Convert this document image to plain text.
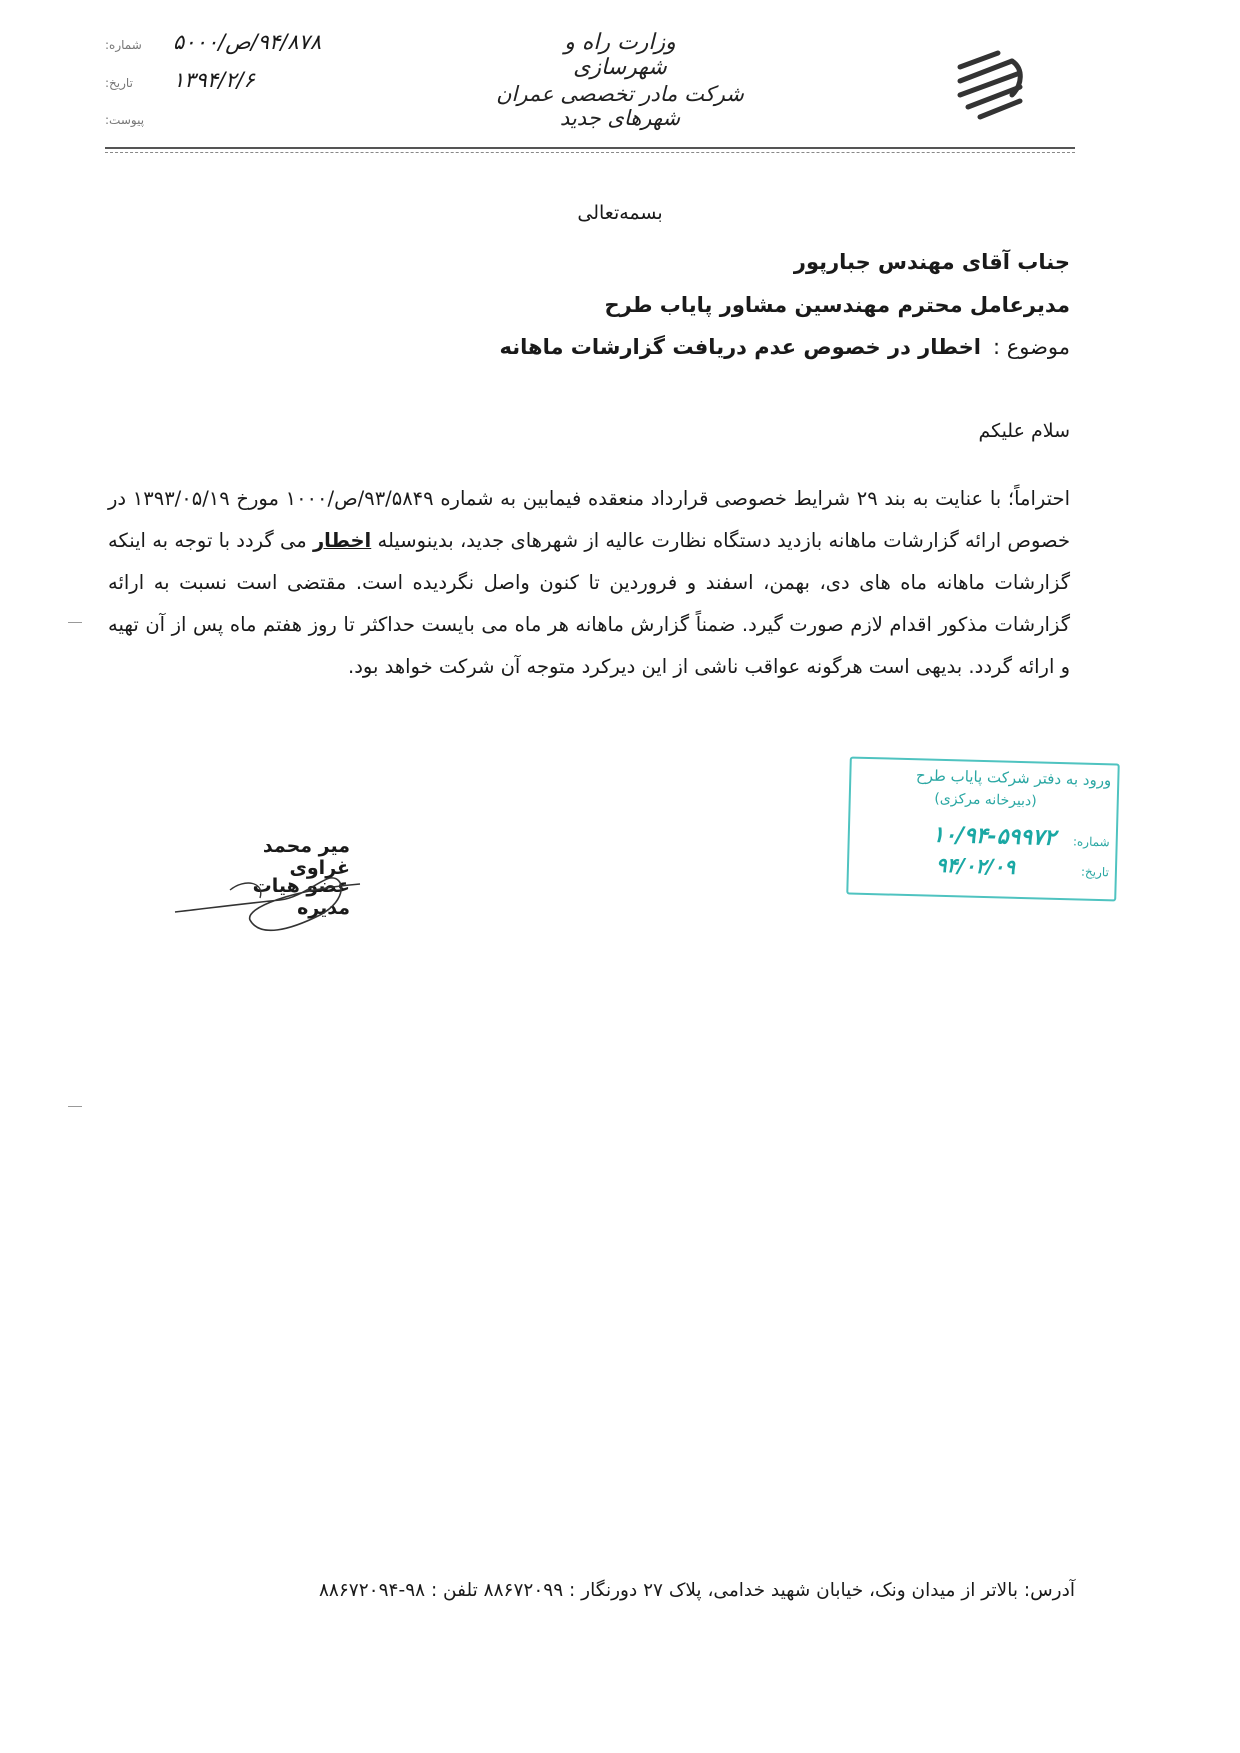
شماره: ۹۴/۸۷۸/ص/۵۰۰۰
تاریخ: ۱۳۹۴/۲/۶
پیوست:
وزارت راه و شهرسازی
شرکت مادر تخصصی عمران شهرهای جدید
بسمه‌تعالی
جناب آقای مهندس جبارپور
مدیرعامل محترم مهندسین مشاور پایاب طرح
موضوع :اخطار در خصوص عدم دریافت گزارشات ماهانه
سلام علیکم
احتراماً؛ با عنایت به بند ۲۹ شرایط خصوصی قرارداد منعقده فیمابین به شماره ۹۳/۵۸۴۹/ص/۱۰۰۰ مورخ ۱۳۹۳/۰۵/۱۹ در خصوص ارائه گزارشات ماهانه بازدید دستگاه نظارت عالیه از شهرهای جدید، بدینوسیله اخطار می گردد با توجه به اینکه گزارشات ماهانه ماه های دی، بهمن، اسفند و فروردین تا کنون واصل نگردیده است. مقتضی است نسبت به ارائه گزارشات مذکور اقدام لازم صورت گیرد. ضمناً گزارش ماهانه هر ماه می بایست حداکثر تا روز هفتم ماه پس از آن تهیه و ارائه گردد. بدیهی است هرگونه عواقب ناشی از این دیرکرد متوجه آن شرکت خواهد بود.
ورود به دفتر شرکت پایاب طرح
(دبیرخانه مرکزی)
شماره:
۱۰/۹۴-۵۹۹۷۲
تاریخ:
۹۴/۰۲/۰۹
میر محمد غراوی
عضو هیات مدیره
آدرس: بالاتر از میدان ونک، خیابان شهید خدامی، پلاک ۲۷ دورنگار : ۸۸۶۷۲۰۹۹ تلفن : ۹۸-۸۸۶۷۲۰۹۴
